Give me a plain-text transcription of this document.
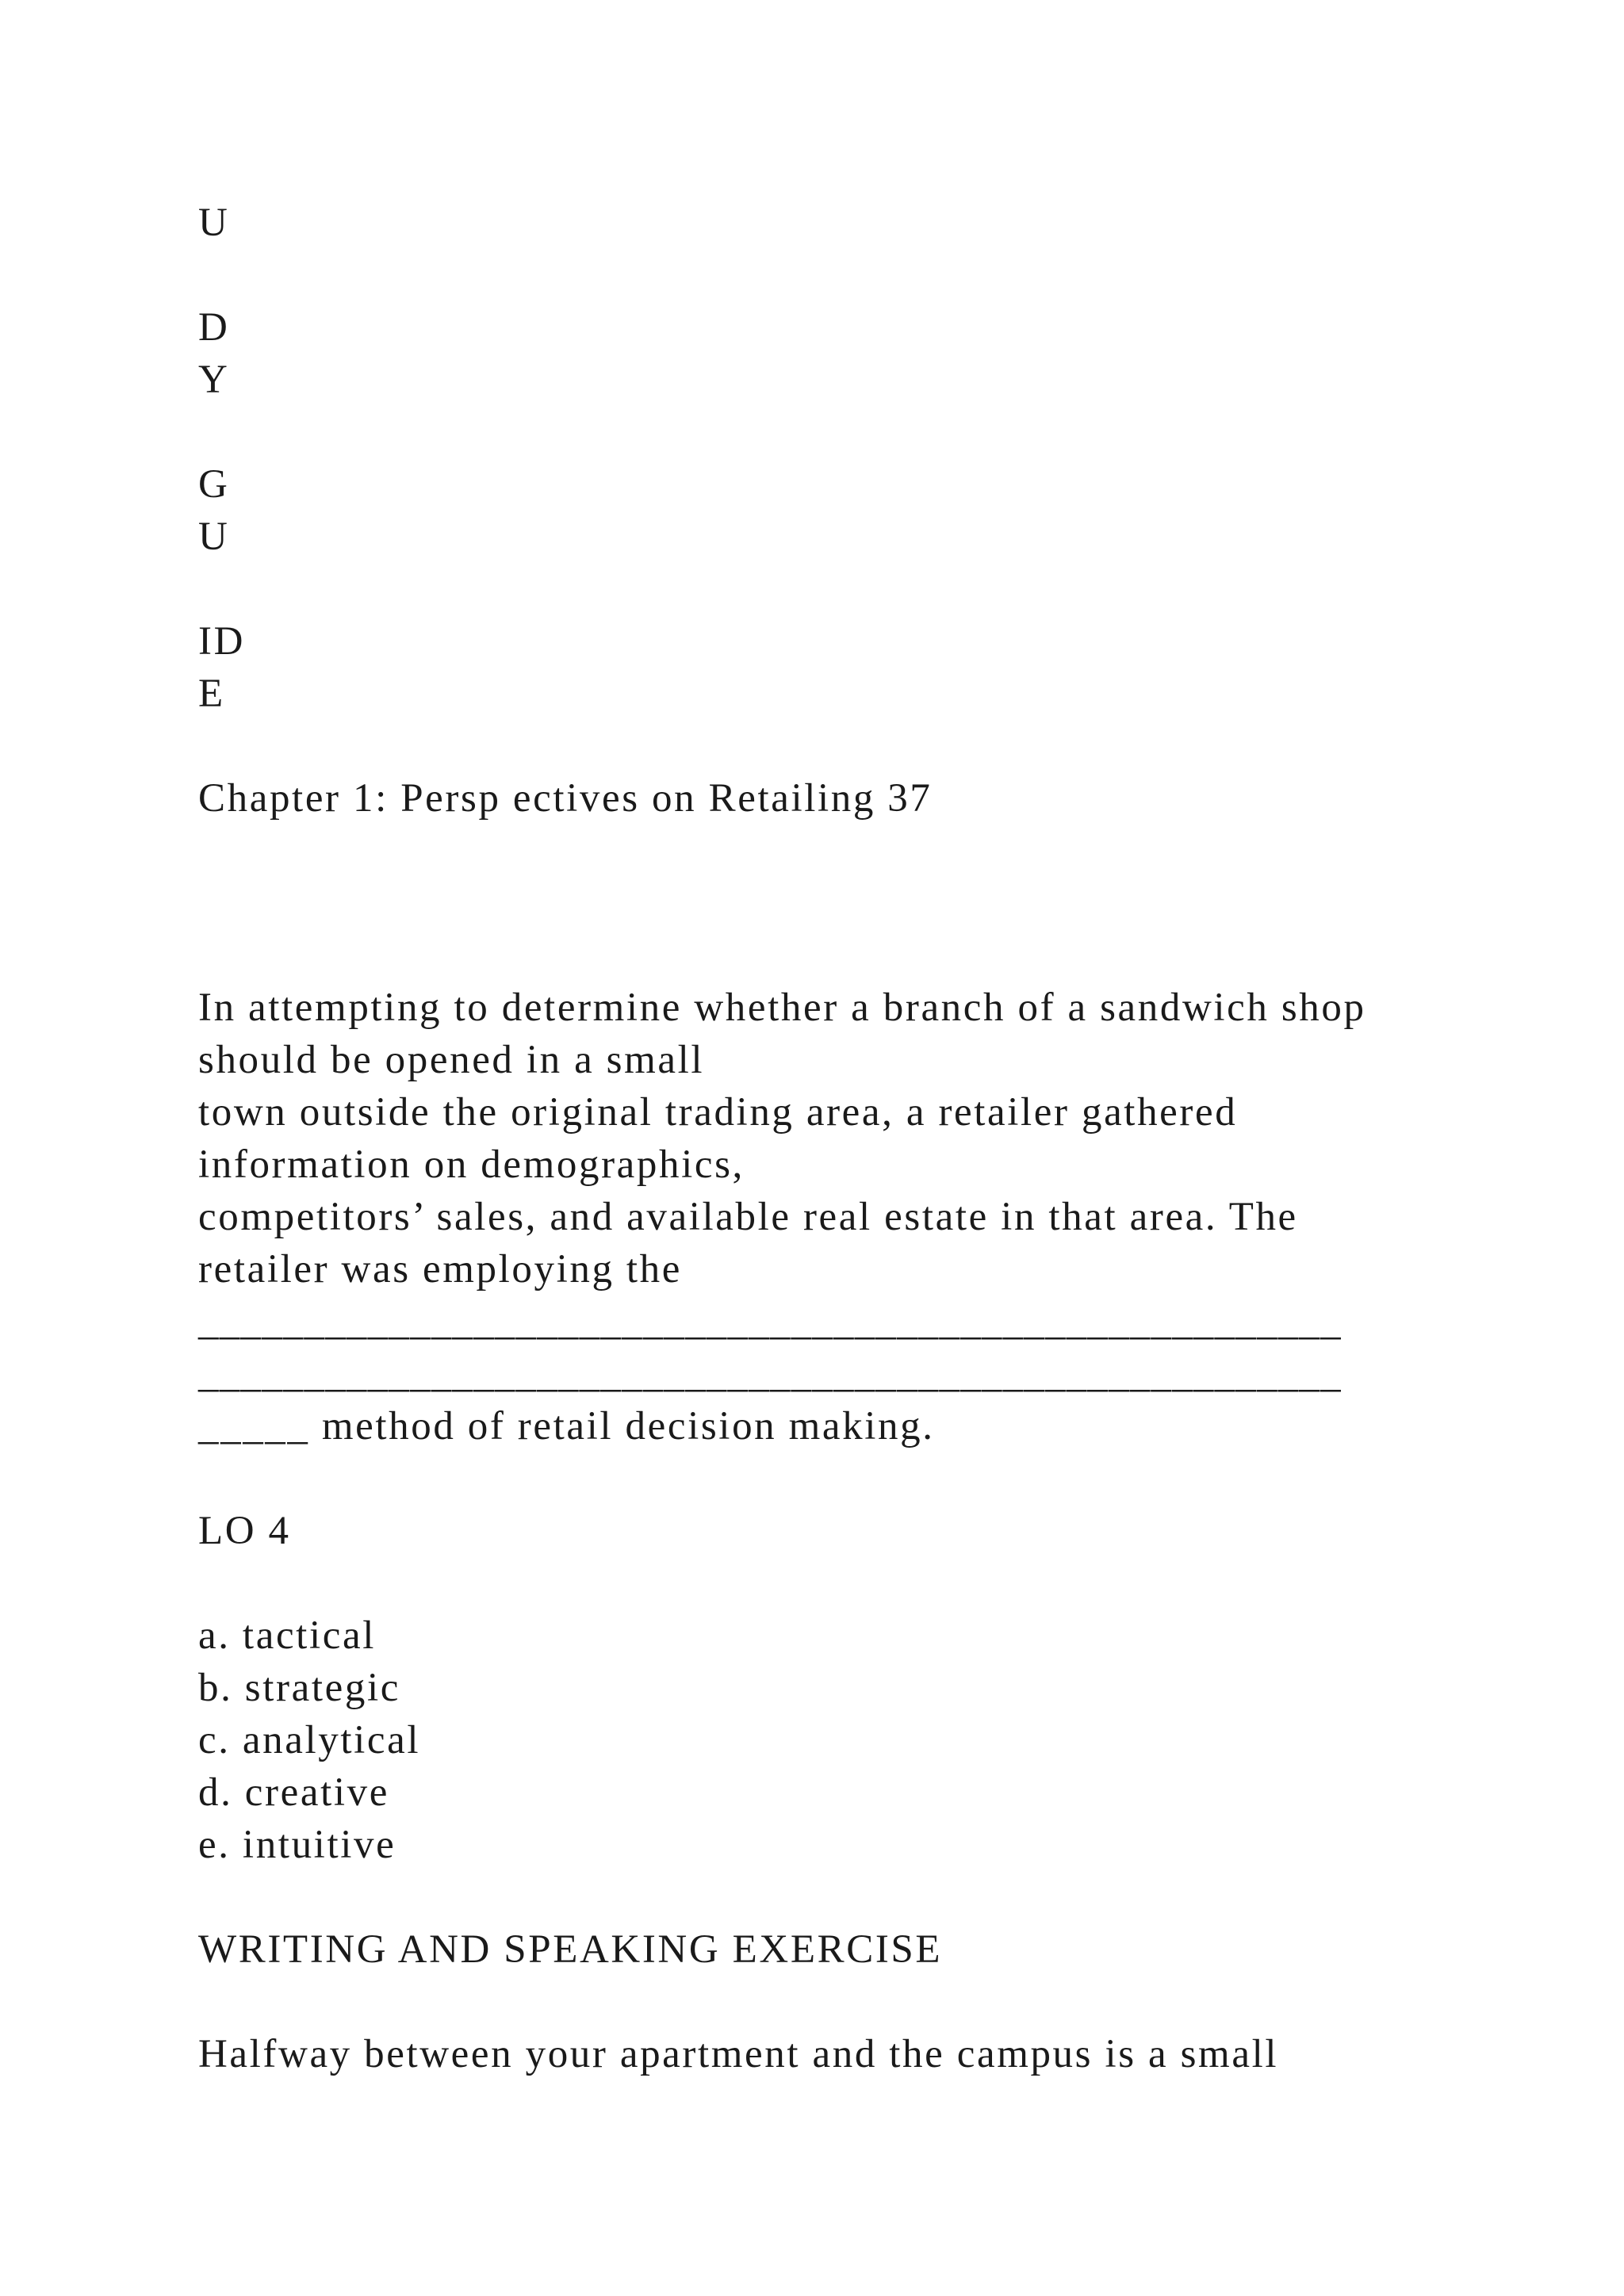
U

D

Y

G

U

ID

E

Chapter 1: Persp ectives on Retailing 37

In attempting to determine whether a branch of a sandwich shop

should be opened in a small

town outside the original trading area, a retailer gathered

information on demographics,

competitors’ sales, and available real estate in that area. The

retailer was employing the

______________________________________________________

______________________________________________________

_____ method of retail decision making.

LO 4

a. tactical

b. strategic

c. analytical

d. creative

e. intuitive

WRITING AND SPEAKING EXERCISE

Halfway between your apartment and the campus is a small
